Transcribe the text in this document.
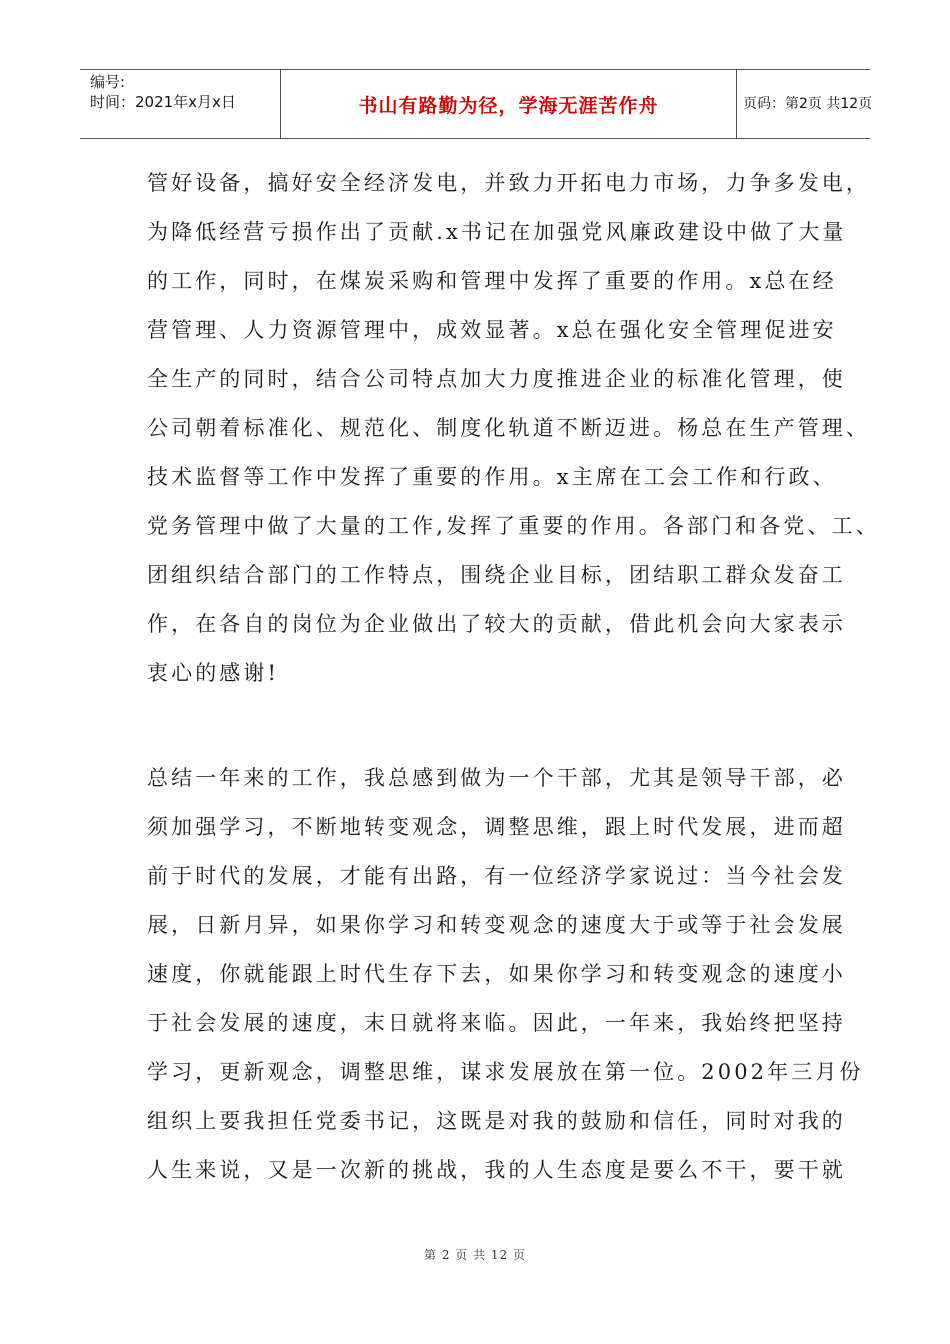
编号:
时间：2021年x月x日	书山有路勤为径，学海无涯苦作舟	页码：第2页 共12页
管好设备，搞好安全经济发电，并致力开拓电力市场，力争多发电，
为降低经营亏损作出了贡献.x书记在加强党风廉政建设中做了大量
的工作，同时，在煤炭采购和管理中发挥了重要的作用。x总在经
营管理、人力资源管理中，成效显著。x总在强化安全管理促进安
全生产的同时，结合公司特点加大力度推进企业的标准化管理，使
公司朝着标准化、规范化、制度化轨道不断迈进。杨总在生产管理、
技术监督等工作中发挥了重要的作用。x主席在工会工作和行政、
党务管理中做了大量的工作,发挥了重要的作用。各部门和各党、工、
团组织结合部门的工作特点，围绕企业目标，团结职工群众发奋工
作，在各自的岗位为企业做出了较大的贡献，借此机会向大家表示
衷心的感谢!
总结一年来的工作，我总感到做为一个干部，尤其是领导干部，必
须加强学习，不断地转变观念，调整思维，跟上时代发展，进而超
前于时代的发展，才能有出路，有一位经济学家说过：当今社会发
展，日新月异，如果你学习和转变观念的速度大于或等于社会发展
速度，你就能跟上时代生存下去，如果你学习和转变观念的速度小
于社会发展的速度，末日就将来临。因此，一年来，我始终把坚持
学习，更新观念，调整思维，谋求发展放在第一位。2002年三月份
组织上要我担任党委书记，这既是对我的鼓励和信任，同时对我的
人生来说，又是一次新的挑战，我的人生态度是要么不干，要干就
第 2 页 共 12 页
